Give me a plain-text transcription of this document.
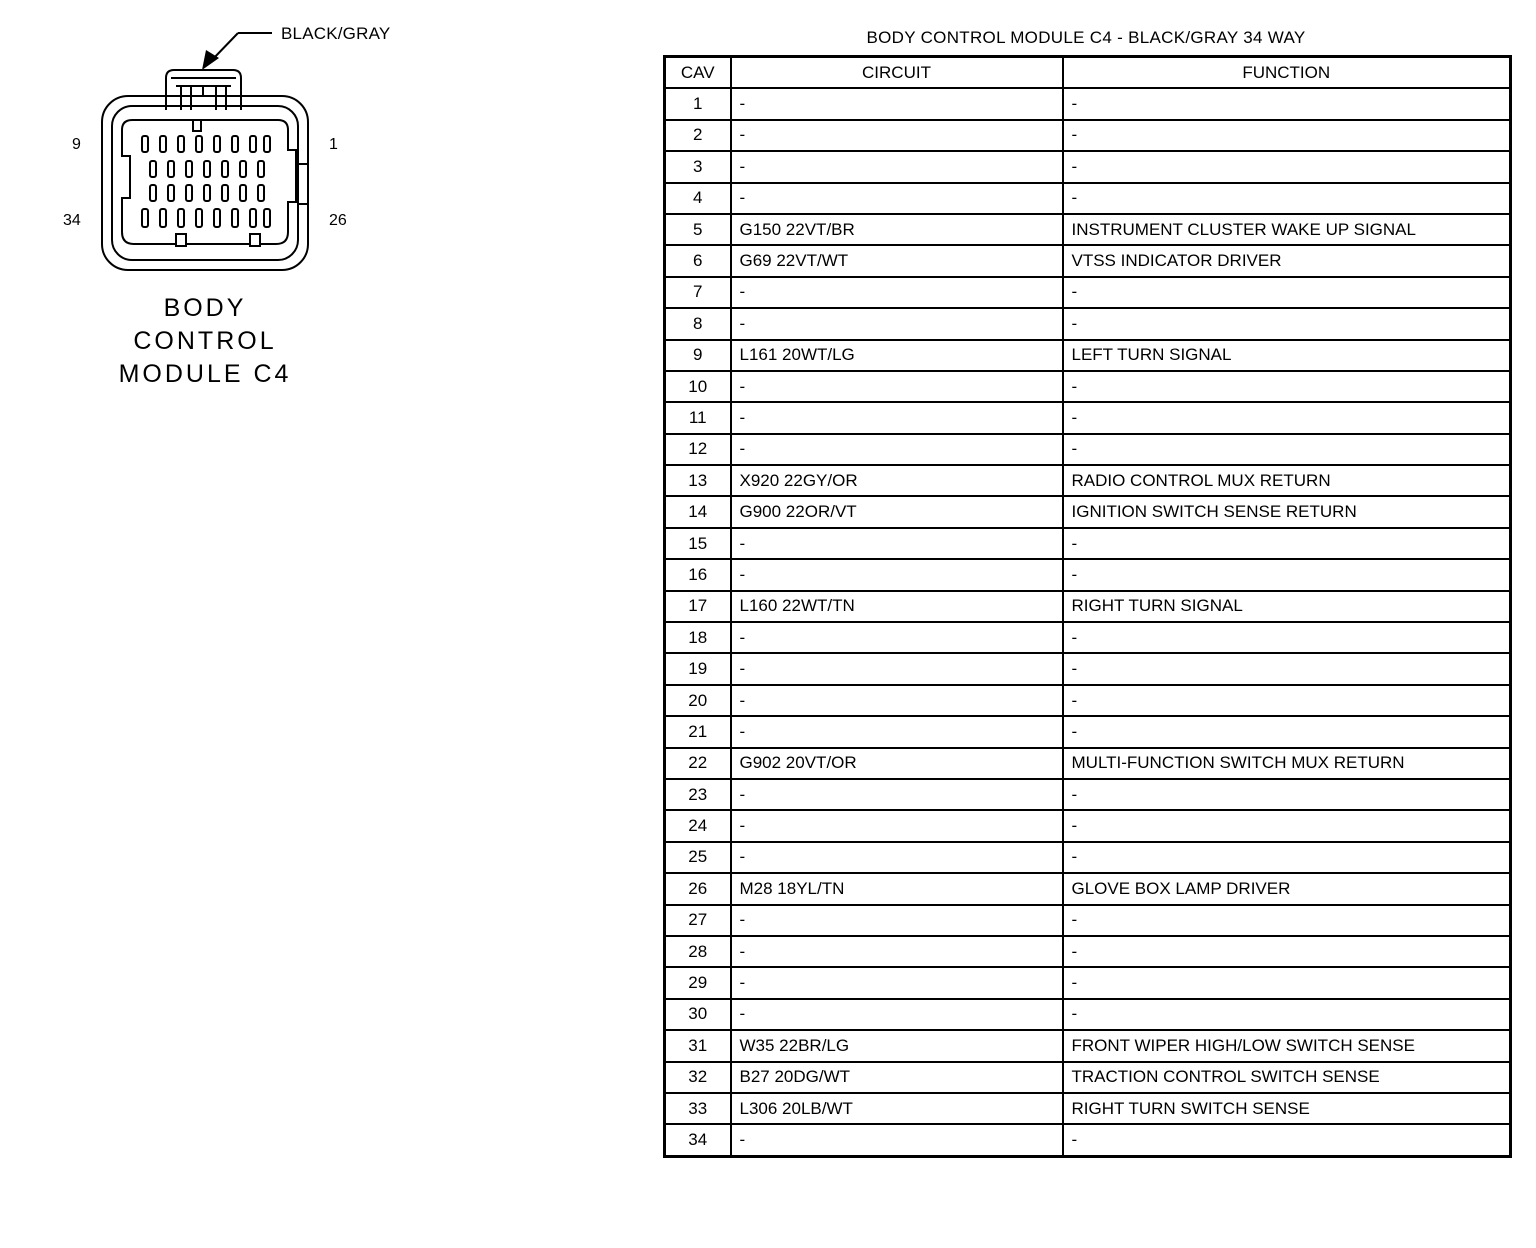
BLACK/GRAY
9	1
34	26
BODY
CONTROL
MODULE C4
BODY CONTROL MODULE C4 - BLACK/GRAY 34 WAY
CAV	CIRCUIT	FUNCTION
1	-	-
2	-	-
3	-	-
4	-	-
5	G150 22VT/BR	INSTRUMENT CLUSTER WAKE UP SIGNAL
6	G69 22VT/WT	VTSS INDICATOR DRIVER
7	-	-
8	-	-
9	L161 20WT/LG	LEFT TURN SIGNAL
10	-	-
11	-	-
12	-	-
13	X920 22GY/OR	RADIO CONTROL MUX RETURN
14	G900 22OR/VT	IGNITION SWITCH SENSE RETURN
15	-	-
16	-	-
17	L160 22WT/TN	RIGHT TURN SIGNAL
18	-	-
19	-	-
20	-	-
21	-	-
22	G902 20VT/OR	MULTI-FUNCTION SWITCH MUX RETURN
23	-	-
24	-	-
25	-	-
26	M28 18YL/TN	GLOVE BOX LAMP DRIVER
27	-	-
28	-	-
29	-	-
30	-	-
31	W35 22BR/LG	FRONT WIPER HIGH/LOW SWITCH SENSE
32	B27 20DG/WT	TRACTION CONTROL SWITCH SENSE
33	L306 20LB/WT	RIGHT TURN SWITCH SENSE
34	-	-
